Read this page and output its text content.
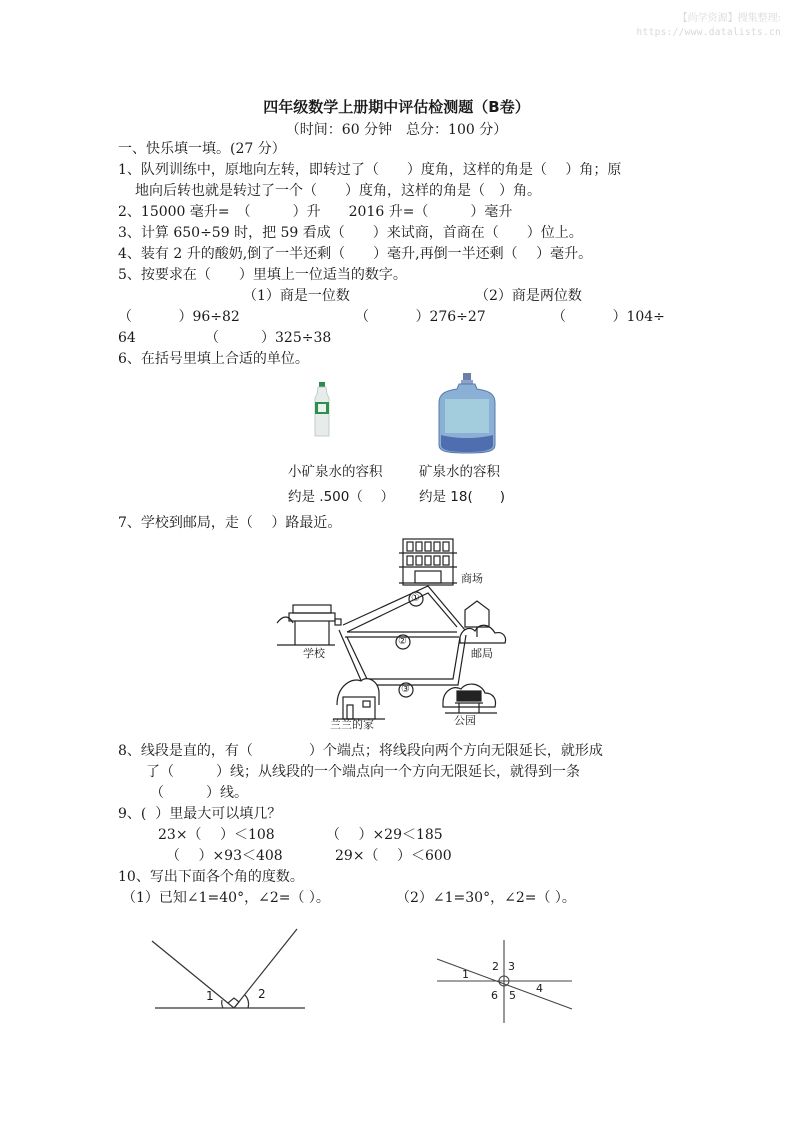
【尚学资源】搜集整理:
https://www.datalists.cn
四年级数学上册期中评估检测题（B卷）
（时间：60 分钟　总分：100 分）
一、快乐填一填。(27 分）
1、队列训练中，原地向左转，即转过了（　　）度角，这样的角是（　 ）角；原
地向后转也就是转过了一个（　　）度角，这样的角是（　）角。
2、15000 毫升=　（　　　）升　　2016 升=（　　　）毫升
3、计算 650÷59 时，把 59 看成（　　）来试商，首商在（　　）位上。
4、装有 2 升的酸奶,倒了一半还剩（　　）毫升,再倒一半还剩（　 ）毫升。
5、按要求在（　　）里填上一位适当的数字。
（1）商是一位数	（2）商是两位数
（　　　 ）96÷82	（　　　 ）276÷27	（　　　 ）104÷
64	（　　　）325÷38
6、在括号里填上合适的单位。
小矿泉水的容积
约是 .500（　 ）
矿泉水的容积
约是 18(　　)
7、学校到邮局，走（　 ）路最近。
①
②
③
商场
学校	邮局
兰兰的家	公园
8、线段是直的，有（　　　　）个端点；将线段向两个方向无限延长，就形成
了（　　　）线；从线段的一个端点向一个方向无限延长，就得到一条
（　　　）线。
9、(  ）里最大可以填几？
23×（　 ）＜108	（　 ）×29＜185
（　 ）×93＜408	29×（　 ）＜600
10、写出下面各个角的度数。
（1）已知∠1=40°，∠2=（ ）。	（2）∠1=30°，∠2=（ ）。
1	2
1
2 3
4
5
6
